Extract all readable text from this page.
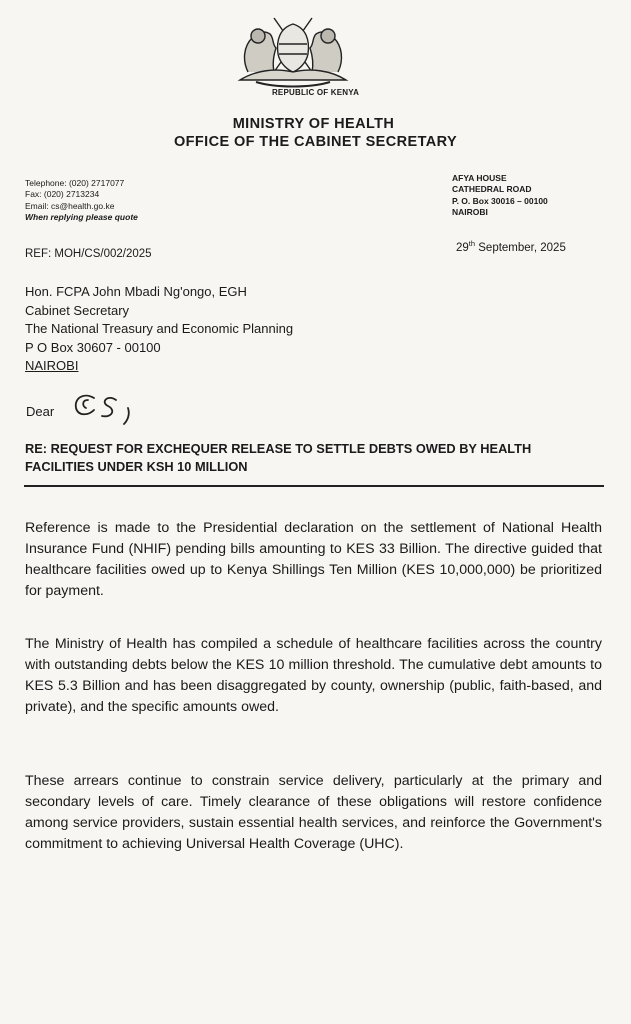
REPUBLIC OF KENYA
MINISTRY OF HEALTH
OFFICE OF THE CABINET SECRETARY
Telephone: (020) 2717077
Fax: (020) 2713234
Email: cs@health.go.ke
When replying please quote
AFYA HOUSE
CATHEDRAL ROAD
P. O. Box 30016 – 00100
NAIROBI
REF: MOH/CS/002/2025	29th September, 2025
Hon. FCPA John Mbadi Ng'ongo, EGH
Cabinet Secretary
The National Treasury and Economic Planning
P O Box 30607 - 00100
NAIROBI
Dear
RE: REQUEST FOR EXCHEQUER RELEASE TO SETTLE DEBTS OWED BY HEALTH FACILITIES UNDER KSH 10 MILLION
Reference is made to the Presidential declaration on the settlement of National Health Insurance Fund (NHIF) pending bills amounting to KES 33 Billion. The directive guided that healthcare facilities owed up to Kenya Shillings Ten Million (KES 10,000,000) be prioritized for payment.
The Ministry of Health has compiled a schedule of healthcare facilities across the country with outstanding debts below the KES 10 million threshold. The cumulative debt amounts to KES 5.3 Billion and has been disaggregated by county, ownership (public, faith-based, and private), and the specific amounts owed.
These arrears continue to constrain service delivery, particularly at the primary and secondary levels of care. Timely clearance of these obligations will restore confidence among service providers, sustain essential health services, and reinforce the Government's commitment to achieving Universal Health Coverage (UHC).
